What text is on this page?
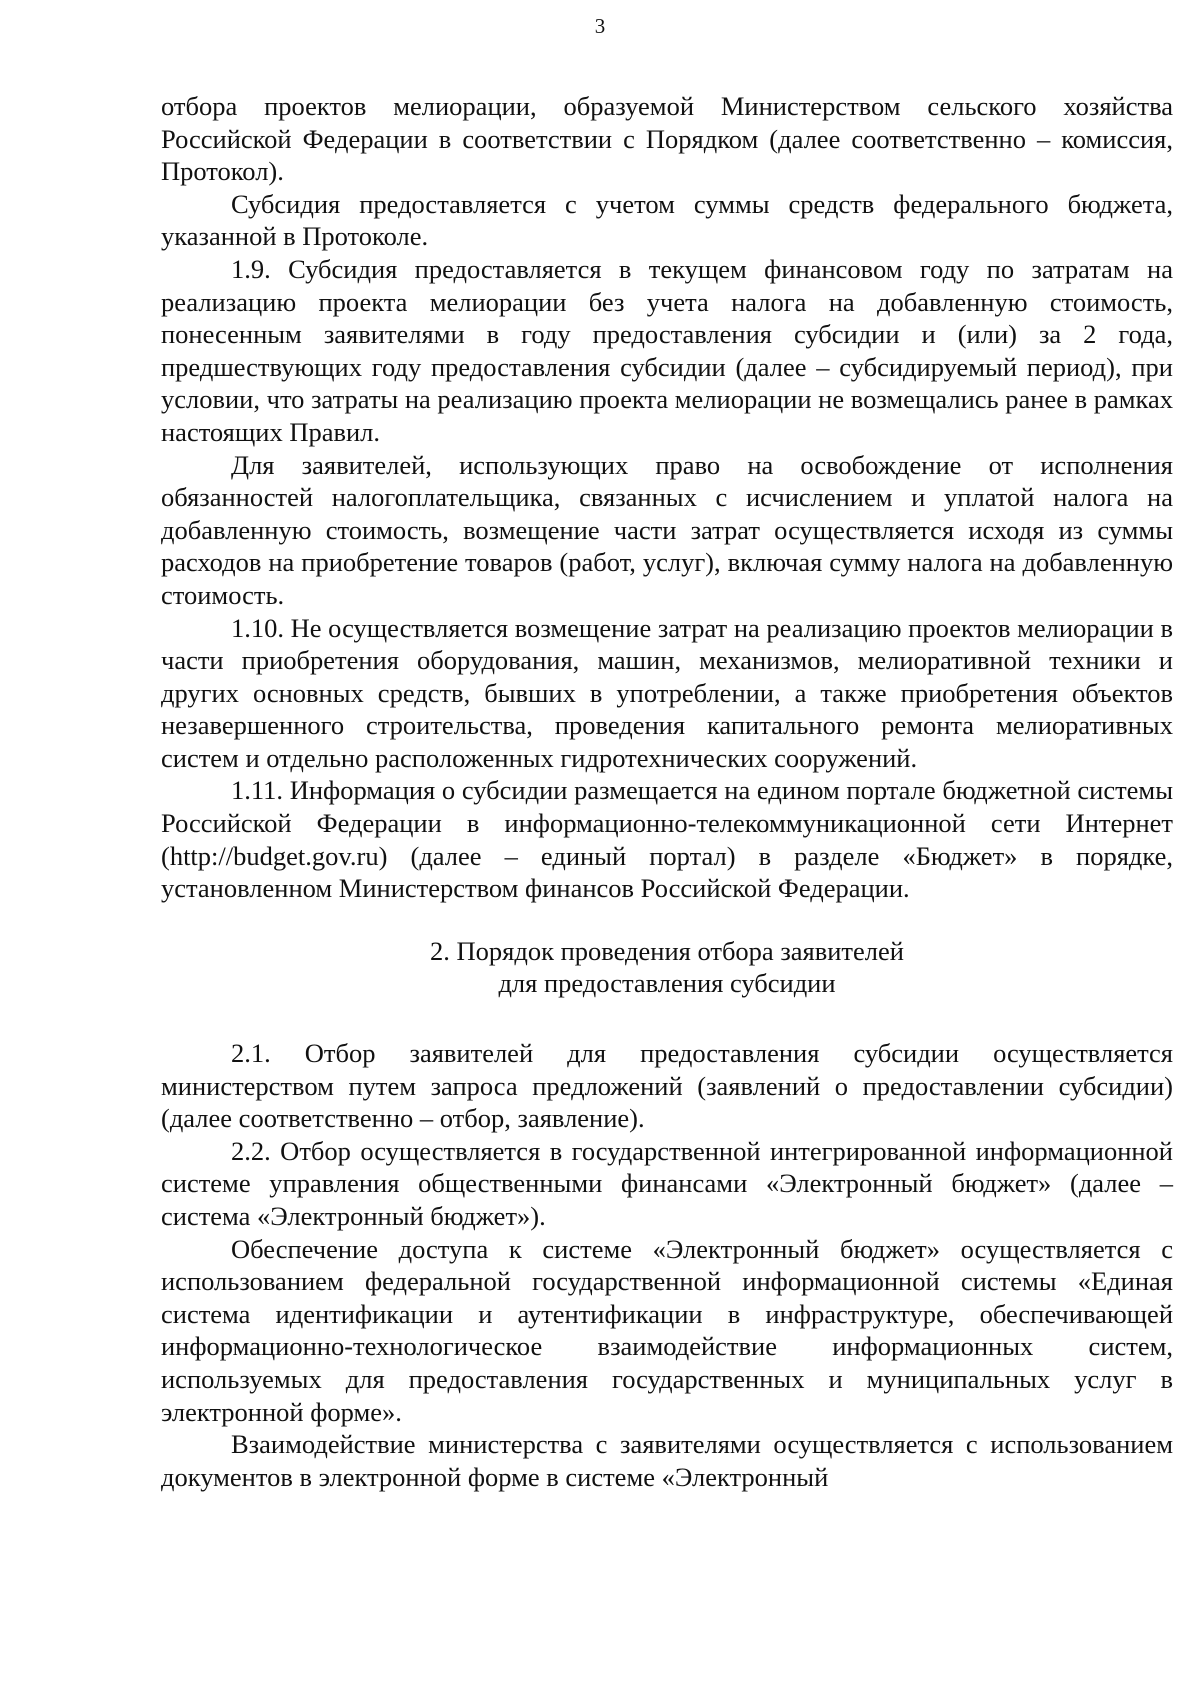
3

отбора проектов мелиорации, образуемой Министерством сельского хозяйства Российской Федерации в соответствии с Порядком (далее соответственно – комиссия, Протокол).

Субсидия предоставляется с учетом суммы средств федерального бюджета, указанной в Протоколе.

1.9. Субсидия предоставляется в текущем финансовом году по затратам на реализацию проекта мелиорации без учета налога на добавленную стоимость, понесенным заявителями в году предоставления субсидии и (или) за 2 года, предшествующих году предоставления субсидии (далее – субсидируемый период), при условии, что затраты на реализацию проекта мелиорации не возмещались ранее в рамках настоящих Правил.

Для заявителей, использующих право на освобождение от исполнения обязанностей налогоплательщика, связанных с исчислением и уплатой налога на добавленную стоимость, возмещение части затрат осуществляется исходя из суммы расходов на приобретение товаров (работ, услуг), включая сумму налога на добавленную стоимость.

1.10. Не осуществляется возмещение затрат на реализацию проектов мелиорации в части приобретения оборудования, машин, механизмов, мелиоративной техники и других основных средств, бывших в употреблении, а также приобретения объектов незавершенного строительства, проведения капитального ремонта мелиоративных систем и отдельно расположенных гидротехнических сооружений.

1.11. Информация о субсидии размещается на едином портале бюджетной системы Российской Федерации в информационно-телекоммуникационной сети Интернет (http://budget.gov.ru) (далее – единый портал) в разделе «Бюджет» в порядке, установленном Министерством финансов Российской Федерации.

2. Порядок проведения отбора заявителей
для предоставления субсидии

2.1. Отбор заявителей для предоставления субсидии осуществляется министерством путем запроса предложений (заявлений о предоставлении субсидии) (далее соответственно – отбор, заявление).

2.2. Отбор осуществляется в государственной интегрированной информационной системе управления общественными финансами «Электронный бюджет» (далее – система «Электронный бюджет»).

Обеспечение доступа к системе «Электронный бюджет» осуществляется с использованием федеральной государственной информационной системы «Единая система идентификации и аутентификации в инфраструктуре, обеспечивающей информационно-технологическое взаимодействие информационных систем, используемых для предоставления государственных и муниципальных услуг в электронной форме».

Взаимодействие министерства с заявителями осуществляется с использованием документов в электронной форме в системе «Электронный
